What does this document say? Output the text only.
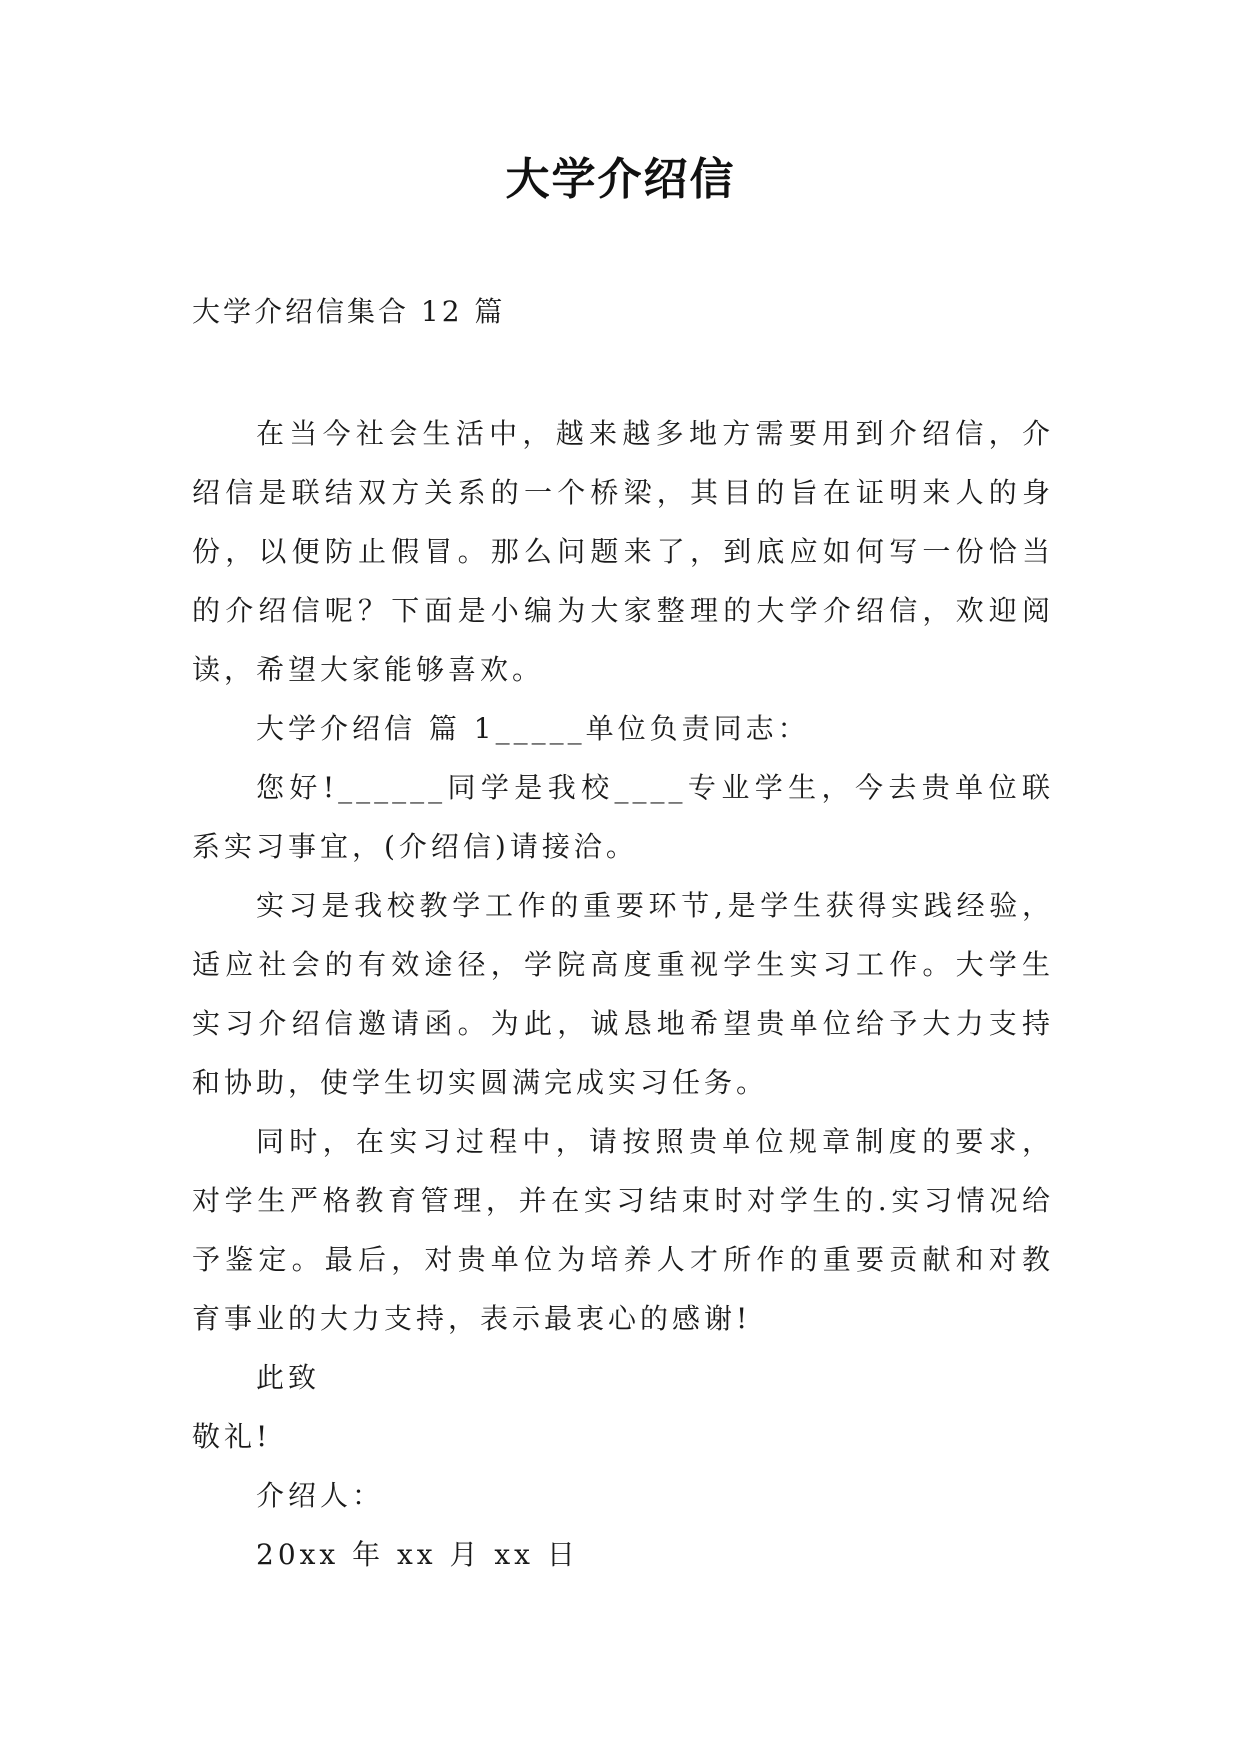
大学介绍信
大学介绍信集合 12 篇

在当今社会生活中，越来越多地方需要用到介绍信，介绍信是联结双方关系的一个桥梁，其目的旨在证明来人的身份，以便防止假冒。那么问题来了，到底应如何写一份恰当的介绍信呢？下面是小编为大家整理的大学介绍信，欢迎阅读，希望大家能够喜欢。

大学介绍信 篇 1_____单位负责同志：

您好!______同学是我校____专业学生，今去贵单位联系实习事宜，(介绍信)请接洽。

实习是我校教学工作的重要环节,是学生获得实践经验，适应社会的有效途径，学院高度重视学生实习工作。大学生实习介绍信邀请函。为此，诚恳地希望贵单位给予大力支持和协助，使学生切实圆满完成实习任务。

同时，在实习过程中，请按照贵单位规章制度的要求，对学生严格教育管理，并在实习结束时对学生的.实习情况给予鉴定。最后，对贵单位为培养人才所作的重要贡献和对教育事业的大力支持，表示最衷心的感谢!

此致

敬礼!

介绍人：

20xx 年 xx 月 xx 日
